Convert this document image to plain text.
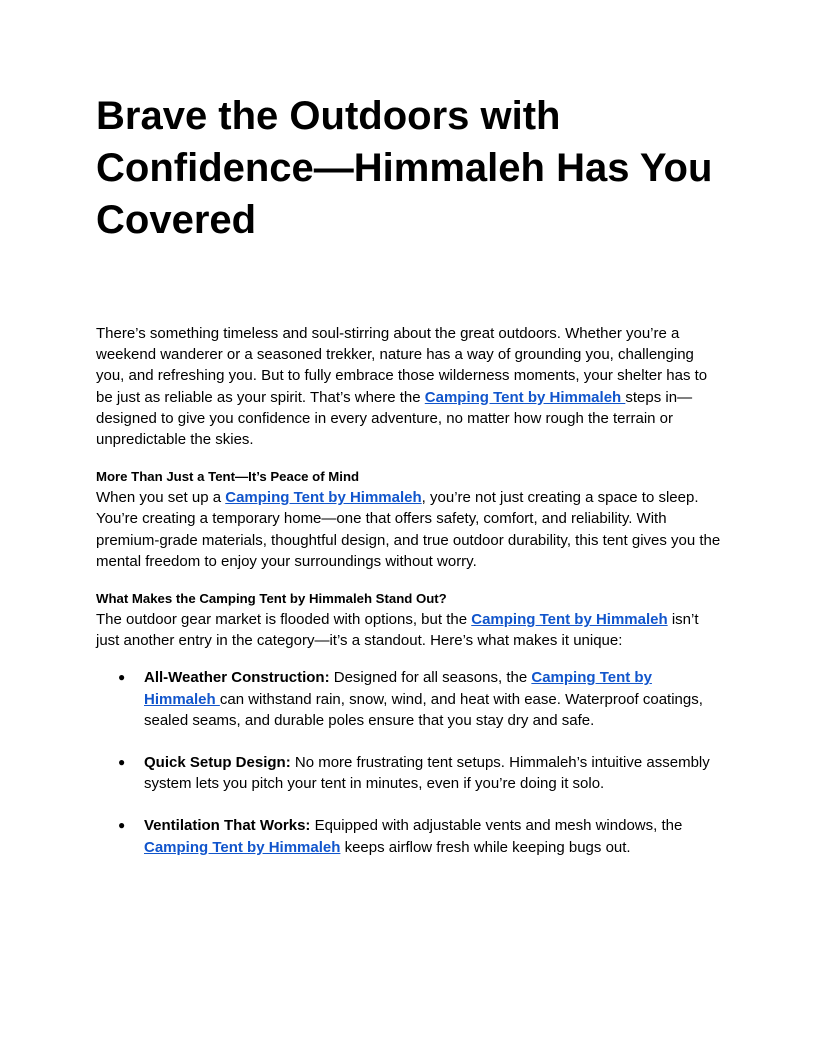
Brave the Outdoors with
Confidence—Himmaleh Has You
Covered

There’s something timeless and soul-stirring about the great outdoors. Whether you’re a weekend wanderer or a seasoned trekker, nature has a way of grounding you, challenging you, and refreshing you. But to fully embrace those wilderness moments, your shelter has to be just as reliable as your spirit. That’s where the Camping Tent by Himmaleh steps in—designed to give you confidence in every adventure, no matter how rough the terrain or unpredictable the skies.

More Than Just a Tent—It’s Peace of Mind

When you set up a Camping Tent by Himmaleh, you’re not just creating a space to sleep. You’re creating a temporary home—one that offers safety, comfort, and reliability. With premium-grade materials, thoughtful design, and true outdoor durability, this tent gives you the mental freedom to enjoy your surroundings without worry.

What Makes the Camping Tent by Himmaleh Stand Out?

The outdoor gear market is flooded with options, but the Camping Tent by Himmaleh isn’t just another entry in the category—it’s a standout. Here’s what makes it unique:

● All-Weather Construction: Designed for all seasons, the Camping Tent by Himmaleh can withstand rain, snow, wind, and heat with ease. Waterproof coatings, sealed seams, and durable poles ensure that you stay dry and safe.
● Quick Setup Design: No more frustrating tent setups. Himmaleh’s intuitive assembly system lets you pitch your tent in minutes, even if you’re doing it solo.
● Ventilation That Works: Equipped with adjustable vents and mesh windows, the Camping Tent by Himmaleh keeps airflow fresh while keeping bugs out.
